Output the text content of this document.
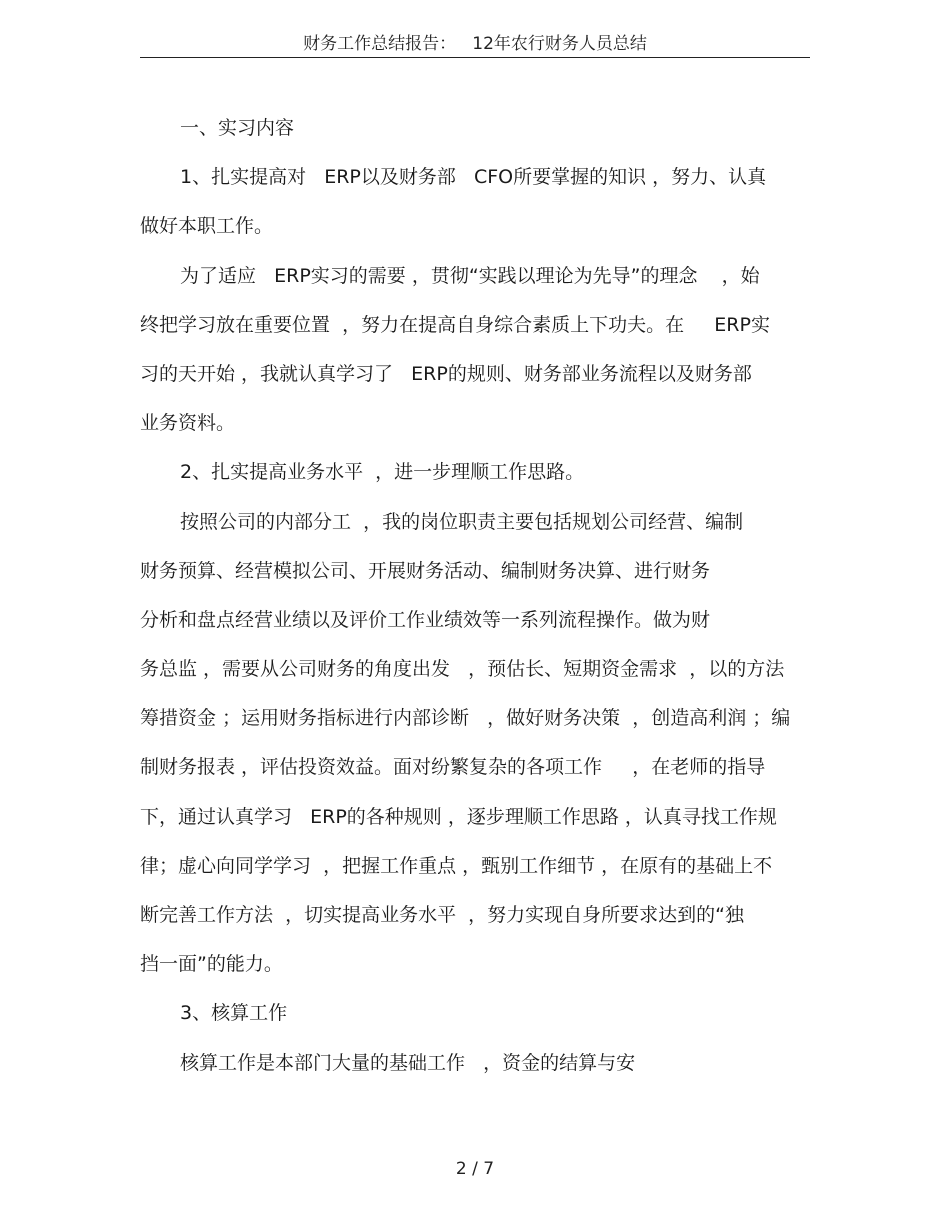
财务工作总结报告：   12年农行财务人员总结
一、实习内容
1、扎实提高对   ERP以及财务部   CFO所要掌握的知识 ，努力、认真
做好本职工作。
为了适应   ERP实习的需要 ，贯彻“实践以理论为先导”的理念    ，始
终把学习放在重要位置  ，努力在提高自身综合素质上下功夫。在     ERP实
习的天开始 ，我就认真学习了   ERP的规则、财务部业务流程以及财务部
业务资料。
2、扎实提高业务水平  ，进一步理顺工作思路。
按照公司的内部分工  ，我的岗位职责主要包括规划公司经营、编制
财务预算、经营模拟公司、开展财务活动、编制财务决算、进行财务
分析和盘点经营业绩以及评价工作业绩效等一系列流程操作。做为财
务总监 ，需要从公司财务的角度出发   ，预估长、短期资金需求  ，以的方法
筹措资金 ；运用财务指标进行内部诊断   ，做好财务决策  ，创造高利润 ；编
制财务报表 ，评估投资效益。面对纷繁复杂的各项工作     ，在老师的指导
下，通过认真学习   ERP的各种规则 ，逐步理顺工作思路 ，认真寻找工作规
律；虚心向同学学习  ，把握工作重点 ，甄别工作细节 ，在原有的基础上不
断完善工作方法  ，切实提高业务水平  ，努力实现自身所要求达到的“独
挡一面”的能力。
3、核算工作
核算工作是本部门大量的基础工作   ，资金的结算与安
2 / 7
